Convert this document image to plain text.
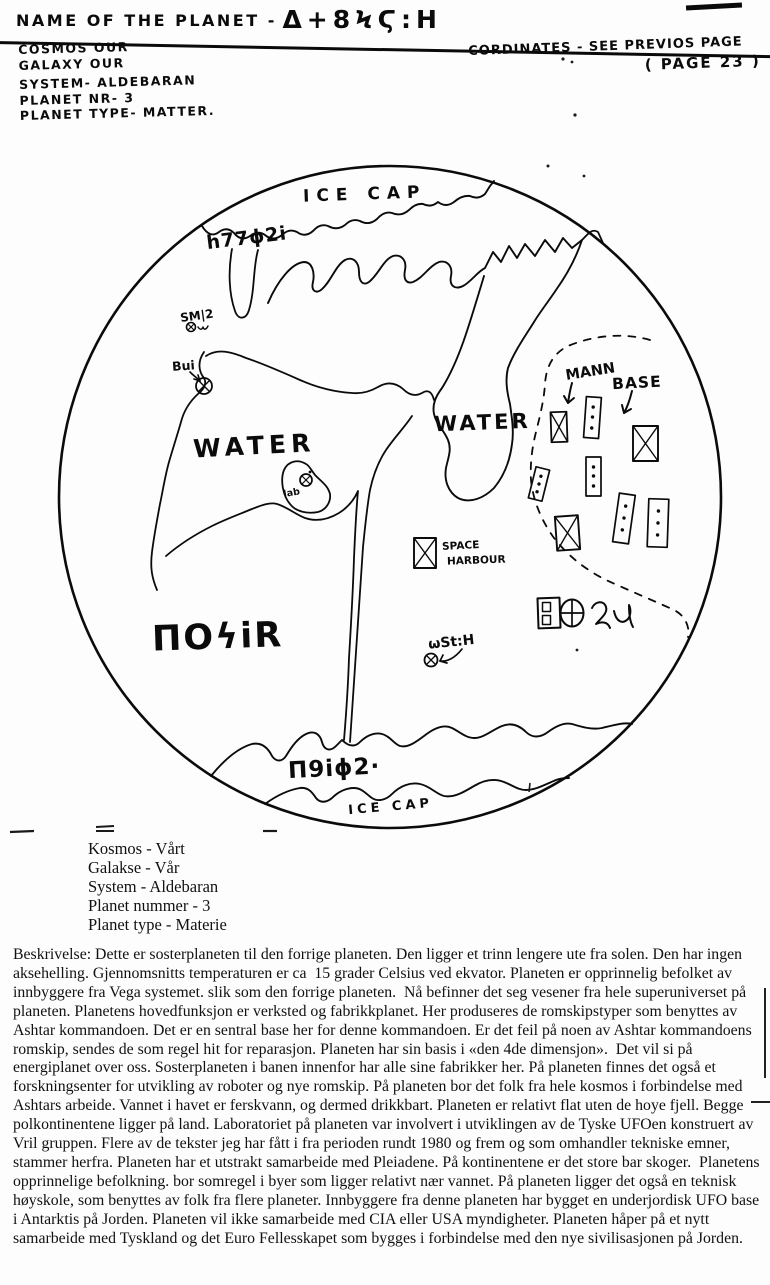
ICE CAP
h77ϕ2i
SM|2
Bui
WATER
WATER
lab
MANN
BASE
SPACE
HARBOUR
ΠOϟiR	ωSt:H
Π9iϕ2·
ICE CAP
NAME OF THE PLANET - Δ+8ϞϚ:H
COSMOS OUR
GALAXY OUR
SYSTEM- ALDEBARAN
PLANET NR- 3
PLANET TYPE- MATTER.
CORDINATES - SEE PREVIOS PAGE
( PAGE 23 )
Kosmos - Vårt
Galakse - Vår
System - Aldebaran
Planet nummer - 3
Planet type - Materie
Beskrivelse: Dette er sosterplaneten til den forrige planeten. Den ligger et trinn lengere ute fra solen. Den har ingen aksehelling. Gjennomsnitts temperaturen er ca  15 grader Celsius ved ekvator. Planeten er opprinnelig befolket av innbyggere fra Vega systemet. slik som den forrige planeten.  Nå befinner det seg vesener fra hele superuniverset på planeten. Planetens hovedfunksjon er verksted og fabrikkplanet. Her produseres de romskipstyper som benyttes av Ashtar kommandoen. Det er en sentral base her for denne kommandoen. Er det feil på noen av Ashtar kommandoens romskip, sendes de som regel hit for reparasjon. Planeten har sin basis i «den 4de dimensjon».  Det vil si på energiplanet over oss. Sosterplaneten i banen innenfor har alle sine fabrikker her. På planeten finnes det også et forskningsenter for utvikling av roboter og nye romskip. På planeten bor det folk fra hele kosmos i forbindelse med Ashtars arbeide. Vannet i havet er ferskvann, og dermed drikkbart. Planeten er relativt flat uten de hoye fjell. Begge polkontinentene ligger på land. Laboratoriet på planeten var involvert i utviklingen av de Tyske UFOen konstruert av Vril gruppen. Flere av de tekster jeg har fått i fra perioden rundt 1980 og frem og som omhandler tekniske emner, stammer herfra. Planeten har et utstrakt samarbeide med Pleiadene. På kontinentene er det store bar skoger.  Planetens opprinnelige befolkning. bor somregel i byer som ligger relativt nær vannet. På planeten ligger det også en teknisk høyskole, som benyttes av folk fra flere planeter. Innbyggere fra denne planeten har bygget en underjordisk UFO base i Antarktis på Jorden. Planeten vil ikke samarbeide med CIA eller USA myndigheter. Planeten håper på et nytt samarbeide med Tyskland og det Euro Fellesskapet som bygges i forbindelse med den nye sivilisasjonen på Jorden.
